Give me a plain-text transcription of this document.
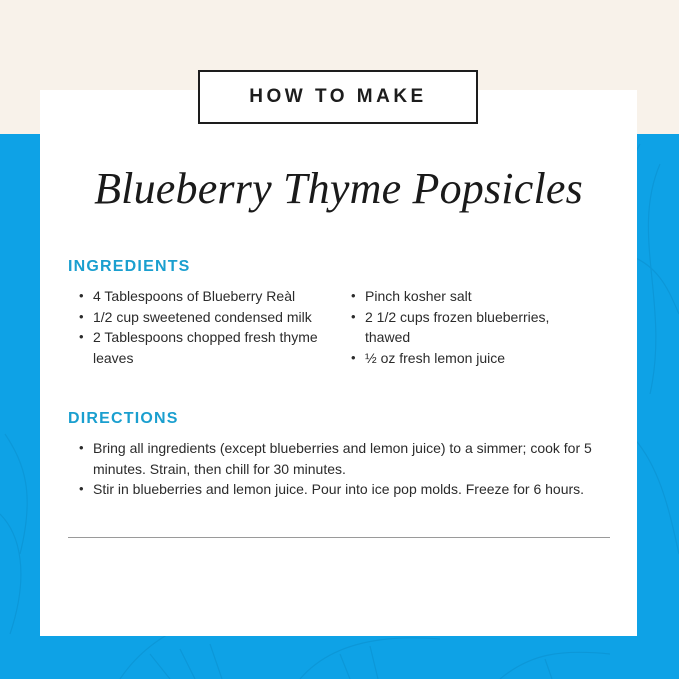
HOW TO MAKE
Blueberry Thyme Popsicles
INGREDIENTS
• 4 Tablespoons of Blueberry Reàl
• 1/2 cup sweetened condensed milk
• 2 Tablespoons chopped fresh thyme leaves
• Pinch kosher salt
• 2 1/2 cups frozen blueberries, thawed
• ½ oz fresh lemon juice
DIRECTIONS
• Bring all ingredients (except blueberries and lemon juice) to a simmer; cook for 5 minutes. Strain, then chill for 30 minutes.
• Stir in blueberries and lemon juice. Pour into ice pop molds. Freeze for 6 hours.
